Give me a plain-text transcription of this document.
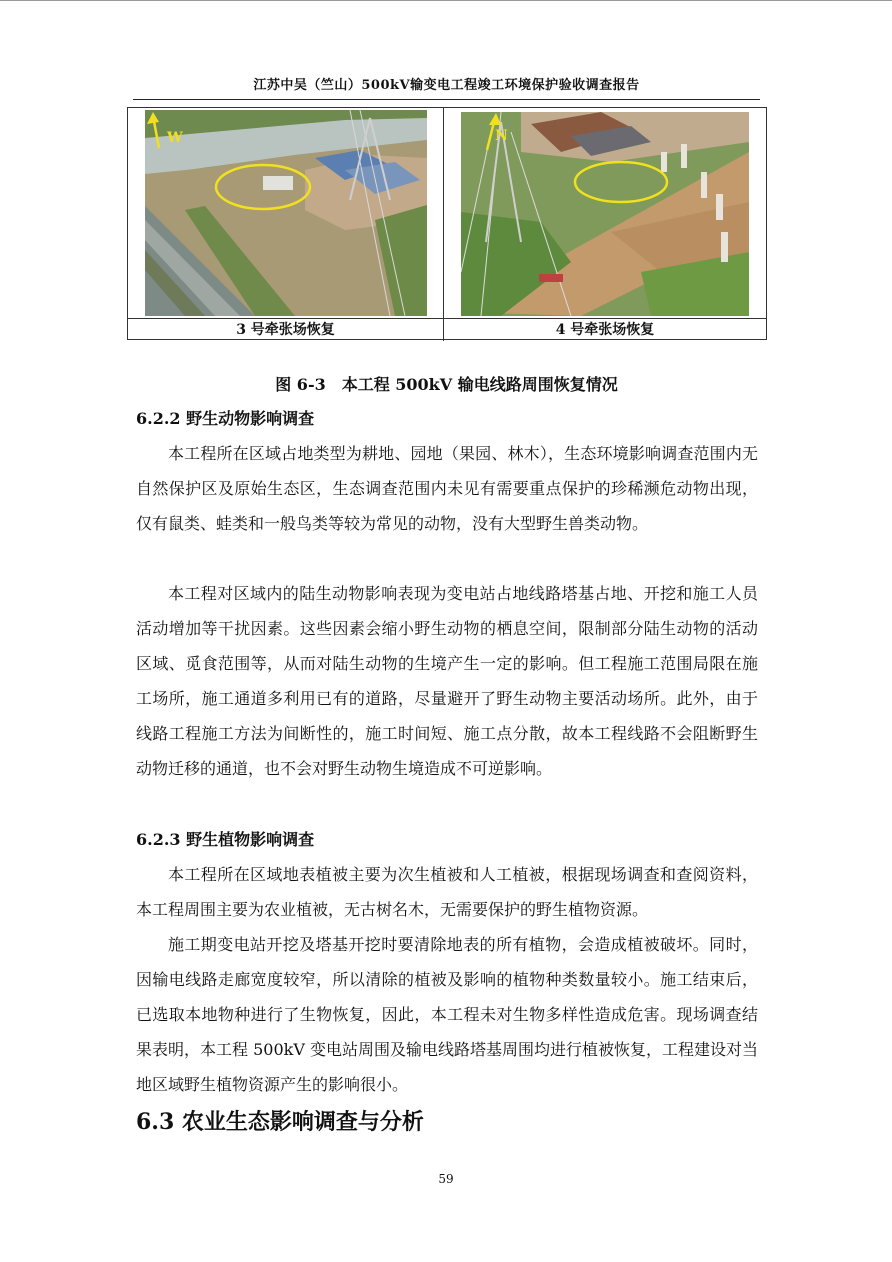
江苏中吴（竺山）500kV输变电工程竣工环境保护验收调查报告
W	N
3 号牵张场恢复	4 号牵张场恢复
图 6-3　本工程 500kV 输电线路周围恢复情况
6.2.2 野生动物影响调查

本工程所在区域占地类型为耕地、园地（果园、林木），生态环境影响调查范围内无自然保护区及原始生态区，生态调查范围内未见有需要重点保护的珍稀濒危动物出现，仅有鼠类、蛙类和一般鸟类等较为常见的动物，没有大型野生兽类动物。

本工程对区域内的陆生动物影响表现为变电站占地线路塔基占地、开挖和施工人员活动增加等干扰因素。这些因素会缩小野生动物的栖息空间，限制部分陆生动物的活动区域、觅食范围等，从而对陆生动物的生境产生一定的影响。但工程施工范围局限在施工场所，施工通道多利用已有的道路，尽量避开了野生动物主要活动场所。此外，由于线路工程施工方法为间断性的，施工时间短、施工点分散，故本工程线路不会阻断野生动物迁移的通道，也不会对野生动物生境造成不可逆影响。

6.2.3 野生植物影响调查

本工程所在区域地表植被主要为次生植被和人工植被，根据现场调查和查阅资料，本工程周围主要为农业植被，无古树名木，无需要保护的野生植物资源。

施工期变电站开挖及塔基开挖时要清除地表的所有植物，会造成植被破坏。同时，因输电线路走廊宽度较窄，所以清除的植被及影响的植物种类数量较小。施工结束后，已选取本地物种进行了生物恢复，因此，本工程未对生物多样性造成危害。现场调查结果表明，本工程 500kV 变电站周围及输电线路塔基周围均进行植被恢复，工程建设对当地区域野生植物资源产生的影响很小。

6.3 农业生态影响调查与分析
59
